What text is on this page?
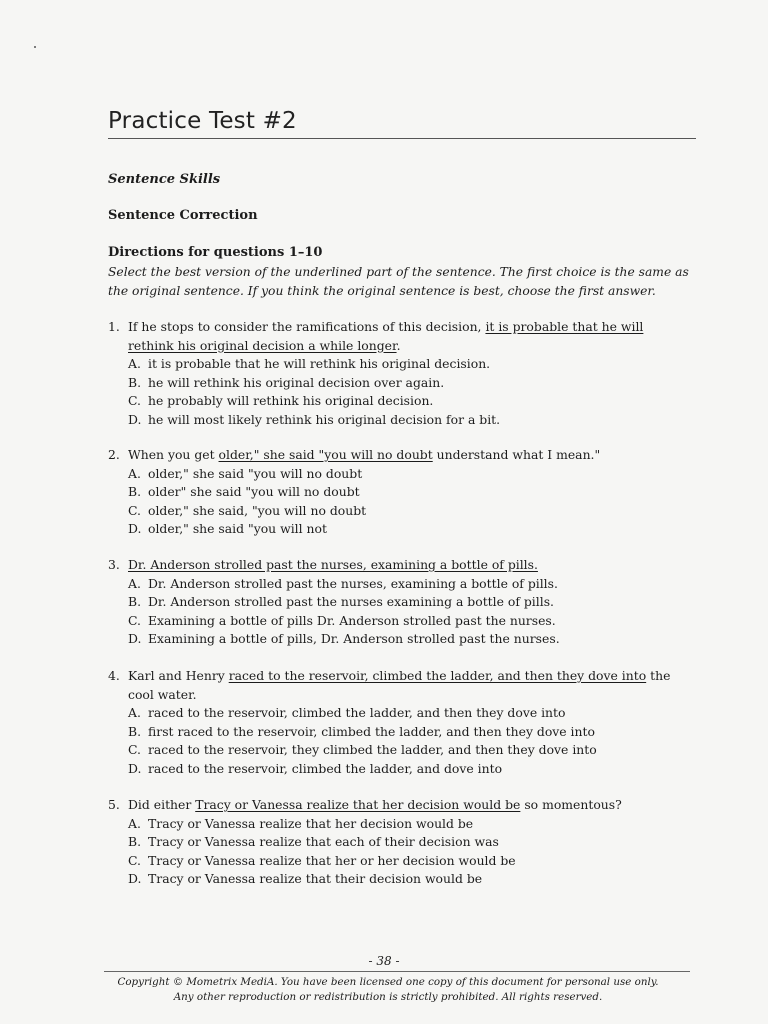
Practice Test #2
Sentence Skills
Sentence Correction
Directions for questions 1–10
Select the best version of the underlined part of the sentence. The first choice is the same as
the original sentence. If you think the original sentence is best, choose the first answer.
1. If he stops to consider the ramifications of this decision, it is probable that he will
rethink his original decision a while longer.
A. it is probable that he will rethink his original decision.
B. he will rethink his original decision over again.
C. he probably will rethink his original decision.
D. he will most likely rethink his original decision for a bit.
2. When you get older," she said "you will no doubt understand what I mean."
A. older," she said "you will no doubt
B. older" she said "you will no doubt
C. older," she said, "you will no doubt
D. older," she said "you will not
3. Dr. Anderson strolled past the nurses, examining a bottle of pills.
A. Dr. Anderson strolled past the nurses, examining a bottle of pills.
B. Dr. Anderson strolled past the nurses examining a bottle of pills.
C. Examining a bottle of pills Dr. Anderson strolled past the nurses.
D. Examining a bottle of pills, Dr. Anderson strolled past the nurses.
4. Karl and Henry raced to the reservoir, climbed the ladder, and then they dove into the
cool water.
A. raced to the reservoir, climbed the ladder, and then they dove into
B. first raced to the reservoir, climbed the ladder, and then they dove into
C. raced to the reservoir, they climbed the ladder, and then they dove into
D. raced to the reservoir, climbed the ladder, and dove into
5. Did either Tracy or Vanessa realize that her decision would be so momentous?
A. Tracy or Vanessa realize that her decision would be
B. Tracy or Vanessa realize that each of their decision was
C. Tracy or Vanessa realize that her or her decision would be
D. Tracy or Vanessa realize that their decision would be
- 38 -
Copyright © Mometrix MediA. You have been licensed one copy of this document for personal use only.
Any other reproduction or redistribution is strictly prohibited. All rights reserved.
